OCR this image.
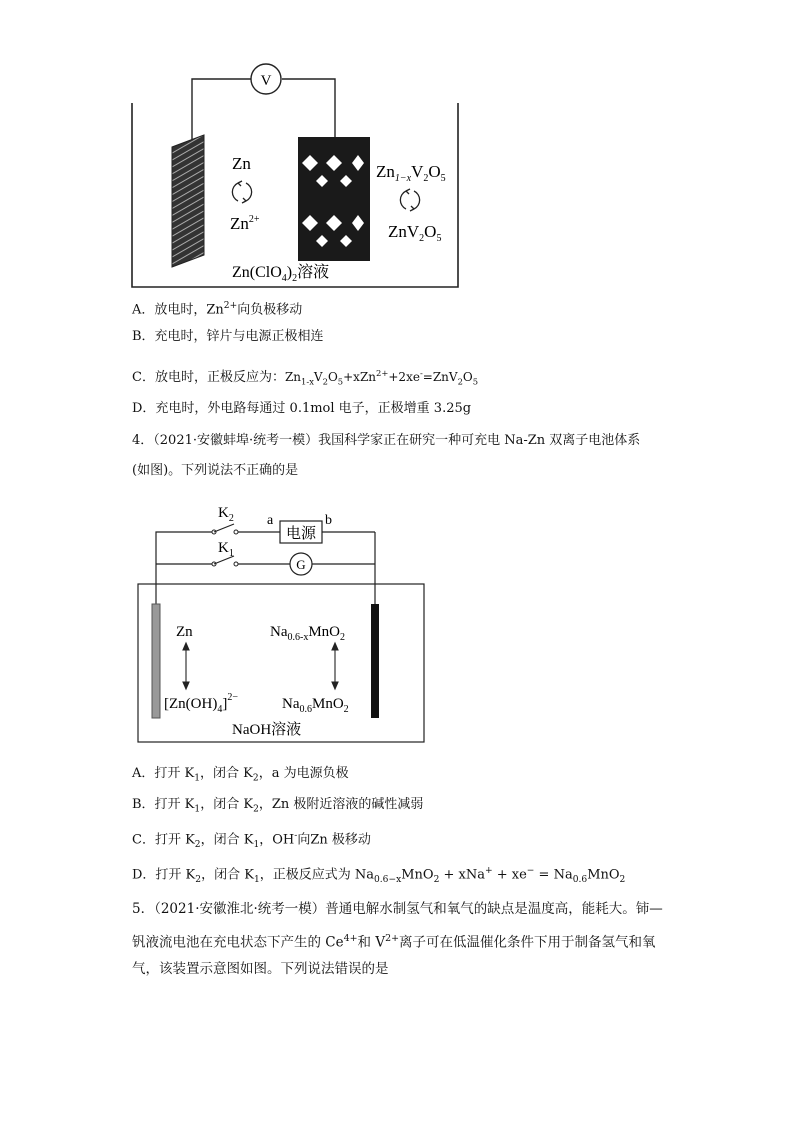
V
Zn
$Zn^{2+}$
$Zn_{1-x}V_2O_5$
$ZnV_2O_5$
$Zn(ClO_4)_2$溶液
A．放电时，$Zn^{2+}$向负极移动
B．充电时，锌片与电源正极相连
C．放电时，正极反应为：$Zn_{1-x}V_2O_5+xZn^{2+}+2xe^-=ZnV_2O_5$
D．充电时，外电路每通过 0.1mol 电子，正极增重 3.25g
4．（2021·安徽蚌埠·统考一模）我国科学家正在研究一种可充电 Na-Zn 双离子电池体系
(如图)。下列说法不正确的是
电源
a	b
$K_2$
G
$K_1$
Zn
$[Zn(OH)_4]^{2-}$
$Na_{0.6-x}MnO_2$
$Na_{0.6}MnO_2$
NaOH溶液
A．打开 $K_1$，闭合 $K_2$，a 为电源负极
B．打开 $K_1$，闭合 $K_2$，Zn 极附近溶液的碱性减弱
C．打开 $K_2$，闭合 $K_1$，OH-向Zn 极移动
D．打开 $K_2$，闭合 $K_1$，正极反应式为 $Na_{0.6-x}MnO_2 + xNa^+ + xe^- = Na_{0.6}MnO_2$
5．（2021·安徽淮北·统考一模）普通电解水制氢气和氧气的缺点是温度高，能耗大。铈—
钒液流电池在充电状态下产生的 $Ce^{4+}$和 $V^{2+}$离子可在低温催化条件下用于制备氢气和氧
气，该装置示意图如图。下列说法错误的是
